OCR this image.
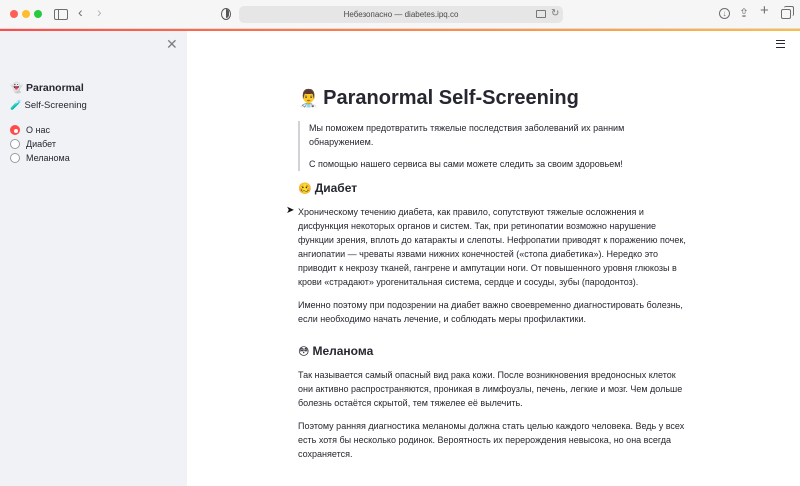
‹ ›	Небезопасно — diabetes.ipq.co	↻	↓ ⇪ +
✕
👻 Paranormal
🧪 Self-Screening
О нас
Диабет
Меланома
👨‍⚕️ Paranormal Self-Screening

Мы поможем предотвратить тяжелые последствия заболеваний их ранним обнаружением.

С помощью нашего сервиса вы сами можете следить за своим здоровьем!

🥴 Диабет

Хроническому течению диабета, как правило, сопутствуют тяжелые осложнения и дисфункция некоторых органов и систем. Так, при ретинопатии возможно нарушение функции зрения, вплоть до катаракты и слепоты. Нефропатии приводят к поражению почек, ангиопатии — чреваты язвами нижних конечностей («стопа диабетика»). Нередко это приводит к некрозу тканей, гангрене и ампутации ноги. От повышенного уровня глюкозы в крови «страдают» урогенитальная система, сердце и сосуды, зубы (пародонтоз).

Именно поэтому при подозрении на диабет важно своевременно диагностировать болезнь, если необходимо начать лечение, и соблюдать меры профилактики.

😳 Меланома

Так называется самый опасный вид рака кожи. После возникновения вредоносных клеток они активно распространяются, проникая в лимфоузлы, печень, легкие и мозг. Чем дольше болезнь остаётся скрытой, тем тяжелее её вылечить.

Поэтому ранняя диагностика меланомы должна стать целью каждого человека. Ведь у всех есть хотя бы несколько родинок. Вероятность их перерождения невысока, но она всегда сохраняется.

➤
